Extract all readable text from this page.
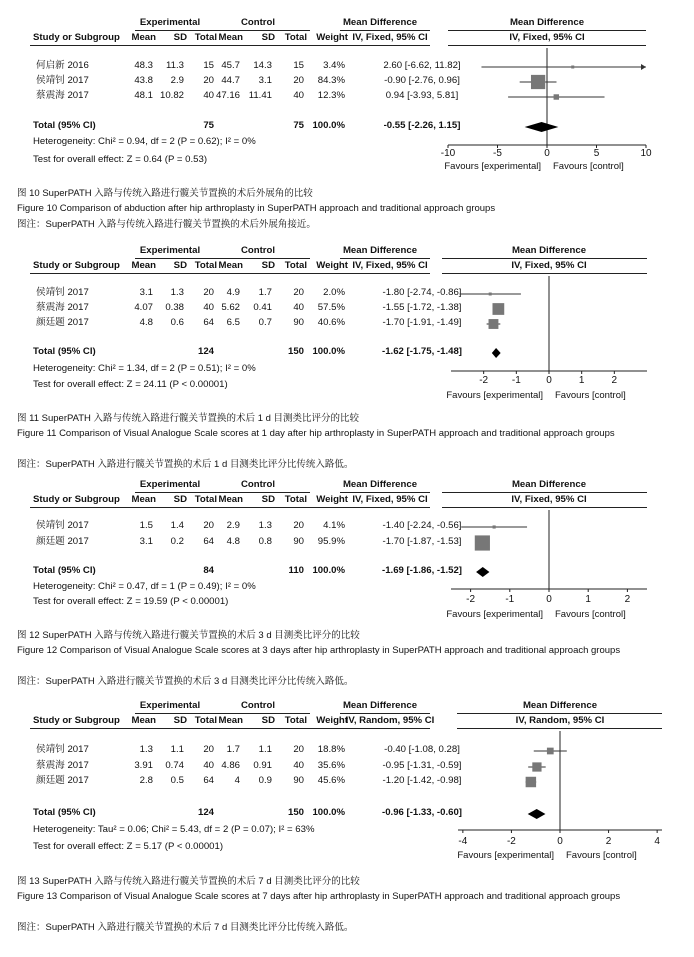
Experimental	Control	Mean Difference	Mean Difference
Study or Subgroup Mean SD Total Mean SD Total Weight IV, Fixed, 95% CI	IV, Fixed, 95% CI
何启新 2016	48.3 11.3 15 45.7 14.3 15 3.4%	2.60 [-6.62, 11.82]
侯靖钊 2017	43.8 2.9 20 44.7 3.1 20 84.3%	-0.90 [-2.76, 0.96]
蔡震海 2017	48.1 10.82 40 47.16 11.41 40 12.3%	0.94 [-3.93, 5.81]
Total (95% CI)	75	75 100.0%	-0.55 [-2.26, 1.15]
Heterogeneity: Chi² = 0.94, df = 2 (P = 0.62); I² = 0%
Test for overall effect: Z = 0.64 (P = 0.53)
-10	-5	0	5	10
Favours [experimental] Favours [control]
图 10 SuperPATH 入路与传统入路进行髋关节置换的术后外展角的比较
Figure 10 Comparison of abduction after hip arthroplasty in SuperPATH approach and traditional approach groups
图注：SuperPATH 入路与传统入路进行髋关节置换的术后外展角接近。
Experimental	Control	Mean Difference	Mean Difference
Study or Subgroup Mean SD Total Mean SD Total Weight IV, Fixed, 95% CI	IV, Fixed, 95% CI
侯靖钊 2017	3.1 1.3 20 4.9 1.7 20 2.0%	-1.80 [-2.74, -0.86]
蔡震海 2017	4.07 0.38 40 5.62 0.41 40 57.5%	-1.55 [-1.72, -1.38]
颜廷题 2017	4.8 0.6 64 6.5 0.7 90 40.6%	-1.70 [-1.91, -1.49]
Total (95% CI)	124	150 100.0%	-1.62 [-1.75, -1.48]
Heterogeneity: Chi² = 1.34, df = 2 (P = 0.51); I² = 0%
Test for overall effect: Z = 24.11 (P < 0.00001)	-2 -1	0	1	2
Favours [experimental] Favours [control]
图 11 SuperPATH 入路与传统入路进行髋关节置换的术后 1 d 目测类比评分的比较
Figure 11 Comparison of Visual Analogue Scale scores at 1 day after hip arthroplasty in SuperPATH approach and traditional approach groups
图注：SuperPATH 入路进行髋关节置换的术后 1 d 目测类比评分比传统入路低。
Experimental	Control	Mean Difference	Mean Difference
Study or Subgroup Mean SD Total Mean SD Total Weight IV, Fixed, 95% CI	IV, Fixed, 95% CI
侯靖钊 2017	1.5 1.4 20 2.9 1.3 20 4.1%	-1.40 [-2.24, -0.56]
颜廷题 2017	3.1 0.2 64 4.8 0.8 90 95.9%	-1.70 [-1.87, -1.53]
Total (95% CI)	84	110 100.0%	-1.69 [-1.86, -1.52]
Heterogeneity: Chi² = 0.47, df = 1 (P = 0.49); I² = 0%
Test for overall effect: Z = 19.59 (P < 0.00001)	-2	-1	0	1	2
Favours [experimental] Favours [control]
图 12 SuperPATH 入路与传统入路进行髋关节置换的术后 3 d 目测类比评分的比较
Figure 12 Comparison of Visual Analogue Scale scores at 3 days after hip arthroplasty in SuperPATH approach and traditional approach groups
图注：SuperPATH 入路进行髋关节置换的术后 3 d 目测类比评分比传统入路低。
Experimental	Control	Mean Difference	Mean Difference
Study or Subgroup Mean SD Total Mean SD Total Weight
IV, Random, 95% CI	IV, Random, 95% CI
侯靖钊 2017	1.3 1.1 20 1.7 1.1 20 18.8%	-0.40 [-1.08, 0.28]
蔡震海 2017	3.91 0.74 40 4.86 0.91 40 35.6%	-0.95 [-1.31, -0.59]
颜廷题 2017	2.8 0.5 64 4 0.9 90 45.6%	-1.20 [-1.42, -0.98]
Total (95% CI)	124	150 100.0%	-0.96 [-1.33, -0.60]
Heterogeneity: Tau² = 0.06; Chi² = 5.43, df = 2 (P = 0.07); I² = 63%
Test for overall effect: Z = 5.17 (P < 0.00001)	-4	-2	0	2	4
Favours [experimental] Favours [control]
图 13 SuperPATH 入路与传统入路进行髋关节置换的术后 7 d 目测类比评分的比较
Figure 13 Comparison of Visual Analogue Scale scores at 7 days after hip arthroplasty in SuperPATH approach and traditional approach groups
图注：SuperPATH 入路进行髋关节置换的术后 7 d 目测类比评分比传统入路低。
